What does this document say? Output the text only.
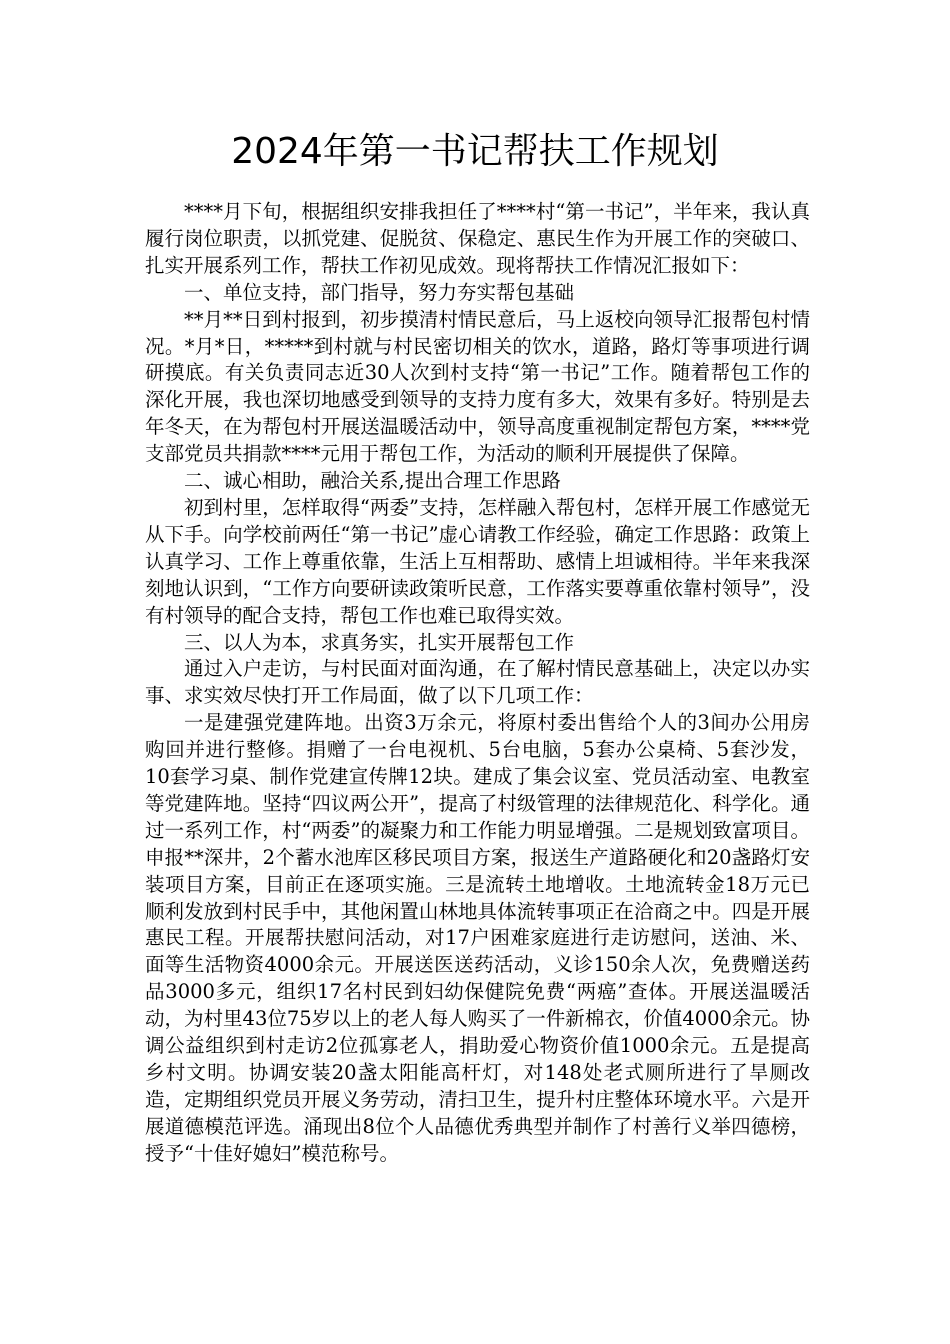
2024年第一书记帮扶工作规划

****月下旬，根据组织安排我担任了****村“第一书记”，半年来，我认真履行岗位职责，以抓党建、促脱贫、保稳定、惠民生作为开展工作的突破口、扎实开展系列工作，帮扶工作初见成效。现将帮扶工作情况汇报如下：

一、单位支持，部门指导，努力夯实帮包基础

**月**日到村报到，初步摸清村情民意后，马上返校向领导汇报帮包村情况。*月*日，*****到村就与村民密切相关的饮水，道路，路灯等事项进行调研摸底。有关负责同志近30人次到村支持“第一书记”工作。随着帮包工作的深化开展，我也深切地感受到领导的支持力度有多大，效果有多好。特别是去年冬天，在为帮包村开展送温暖活动中，领导高度重视制定帮包方案，****党支部党员共捐款****元用于帮包工作，为活动的顺利开展提供了保障。

二、诚心相助，融洽关系,提出合理工作思路

初到村里，怎样取得“两委”支持，怎样融入帮包村，怎样开展工作感觉无从下手。向学校前两任“第一书记”虚心请教工作经验，确定工作思路：政策上认真学习、工作上尊重依靠，生活上互相帮助、感情上坦诚相待。半年来我深刻地认识到，“工作方向要研读政策听民意，工作落实要尊重依靠村领导”，没有村领导的配合支持，帮包工作也难已取得实效。

三、以人为本，求真务实，扎实开展帮包工作

通过入户走访，与村民面对面沟通，在了解村情民意基础上，决定以办实事、求实效尽快打开工作局面，做了以下几项工作：

一是建强党建阵地。出资3万余元，将原村委出售给个人的3间办公用房购回并进行整修。捐赠了一台电视机、5台电脑，5套办公桌椅、5套沙发，10套学习桌、制作党建宣传牌12块。建成了集会议室、党员活动室、电教室等党建阵地。坚持“四议两公开”，提高了村级管理的法律规范化、科学化。通过一系列工作，村“两委”的凝聚力和工作能力明显增强。二是规划致富项目。申报**深井，2个蓄水池库区移民项目方案，报送生产道路硬化和20盏路灯安装项目方案，目前正在逐项实施。三是流转土地增收。土地流转金18万元已顺利发放到村民手中，其他闲置山林地具体流转事项正在洽商之中。四是开展惠民工程。开展帮扶慰问活动，对17户困难家庭进行走访慰问，送油、米、面等生活物资4000余元。开展送医送药活动，义诊150余人次，免费赠送药品3000多元，组织17名村民到妇幼保健院免费“两癌”查体。开展送温暖活动，为村里43位75岁以上的老人每人购买了一件新棉衣，价值4000余元。协调公益组织到村走访2位孤寡老人，捐助爱心物资价值1000余元。五是提高乡村文明。协调安装20盏太阳能高杆灯，对148处老式厕所进行了旱厕改造，定期组织党员开展义务劳动，清扫卫生，提升村庄整体环境水平。六是开展道德模范评选。涌现出8位个人品德优秀典型并制作了村善行义举四德榜，授予“十佳好媳妇”模范称号。
